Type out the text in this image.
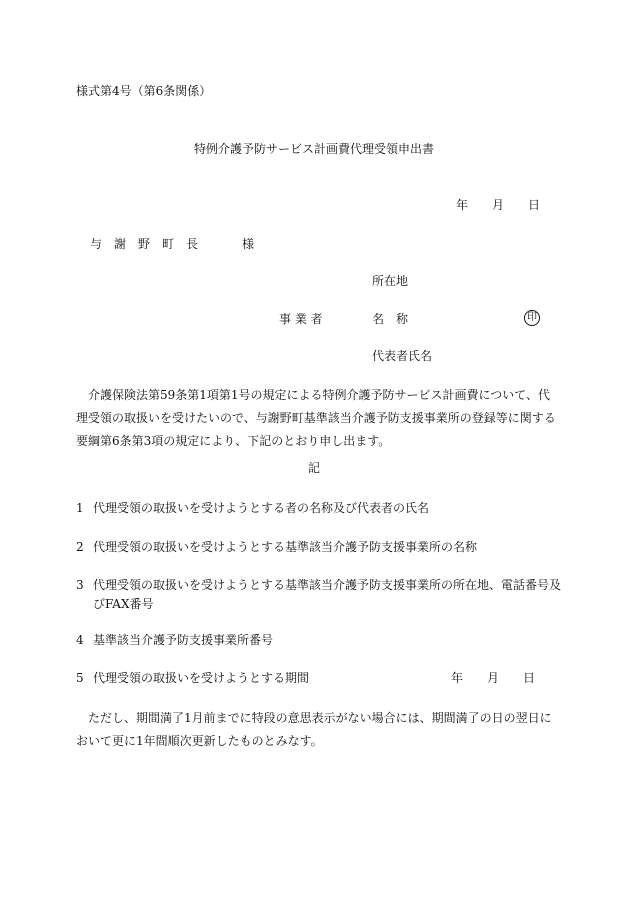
様式第4号（第6条関係）
特例介護予防サービス計画費代理受領申出書
年 月 日
与　謝　野　町　長	様
所在地
事 業 者	名　称	印
代表者氏名
介護保険法第59条第1項第1号の規定による特例介護予防サービス計画費について、代理受領の取扱いを受けたいので、与謝野町基準該当介護予防支援事業所の登録等に関する要綱第6条第3項の規定により、下記のとおり申し出ます。
記
1 代理受領の取扱いを受けようとする者の名称及び代表者の氏名
2 代理受領の取扱いを受けようとする基準該当介護予防支援事業所の名称
3 代理受領の取扱いを受けようとする基準該当介護予防支援事業所の所在地、電話番号及
びFAX番号
4 基準該当介護予防支援事業所番号
5 代理受領の取扱いを受けようとする期間	年 月 日
ただし、期間満了1月前までに特段の意思表示がない場合には、期間満了の日の翌日において更に1年間順次更新したものとみなす。
